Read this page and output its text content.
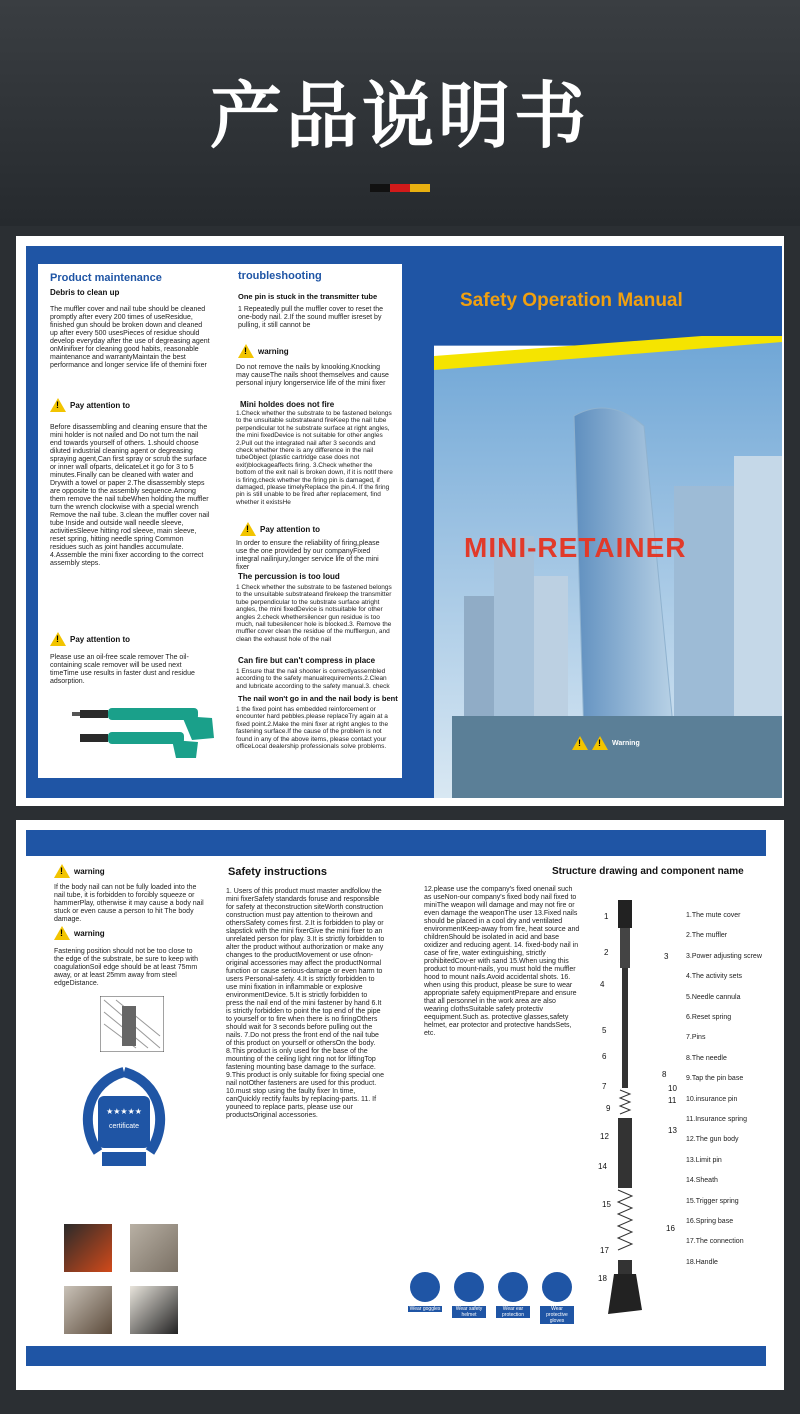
产品说明书
Product maintenance
Debris to clean up

The muffler cover and nail tube should be cleaned promptly after every 200 times of useResidue, finished gun should be broken down and cleaned up after every 500 usesPieces of residue should develop everyday after the use of degreasing agent onMinifixer for cleaning good habits, reasonable maintenance and warrantyMaintain the best performance and longer service life of themini fixer

!
Pay attention to

Before disassembling and cleaning ensure that the mini holder is not nailed and Do not turn the nail end towards yourself of others. 1.should choose diluted industrial cleaning agent or degreasing spraying agent,Can first spray or scrub the surface or inner wall ofparts, delicateLet it go for 3 to 5 minutes.Finally can be cleaned with water and Drywith a towel or paper 2.The disassembly steps are opposite to the assembly sequence.Among them remove the nail tubeWhen holding the muffler turn the wrench clockwise with a special wrench Remove the nail tube. 3.clean the muffler cover nail tube Inside and outside wall needle sleeve, activitiesSleeve hitting rod sleeve, main sleeve, reset spring, hitting needle spring Common residues such as joint handles accumulate. 4.Assemble the mini fixer according to the correct assembly steps.

!
Pay attention to

Please use an oil-free scale remover The oil-containing scale remover will be used next timeTime use results in faster dust and residue adsorption.

troubleshooting
One pin is stuck in the transmitter tube

1 Repeatedly pull the muffler cover to reset the one-body nail. 2.If the sound muffler isreset by pulling, it still cannot be

!
warning

Do not remove the nails by knooking.Knocking may causeThe nails shoot themselves and cause personal injury longerservice life of the mini fixer

Mini holdes does not fire

1.Check whether the substrate to be fastened belongs to the unsuitable substrateand fireKeep the nail tube perpendicular tot he substrate surface at right angles, the mini fixedDevice is not suitable for other angles 2.Pull out the integrated nail after 3 seconds and check whether there is any difference in the nail tubeObject (plastic cartridge case does not exit)blockageaffects firing. 3.Check whether the bottom of the exit nail is broken down, if it is notIf there is firing,check whether the firing pin is damaged, if damaged, please timelyReplace the pin.4. If the firing pin is still unable to be fired after replacement, find whether it existsHe

!
Pay attention to

In order to ensure the reliability of firing,please use the one provided by our companyFixed integral nailinjury,longer service life of the mini fixer

The percussion is too loud

1 Check whether the substrate to be fastened belongs to the unsuitable substrateand firekeep the transmitter tube perpendicular to the substrate surface atright angles, the mini fixedDevice is notsuitable for other angles 2.check whethersilencer gun residue is too much, nail tubesilencer hole is blocked.3. Remove the muffler cover clean the residue of the mufflergun, and clean the exhaust hole of the nail

Can fire but can't compress in place

1 Ensure that the nail shooter is correctlyassembled according to the safety manualrequirements.2.Clean and lubricate according to the safety manual.3. check

The nail won't go in and the nail body is bent

1 the fixed point has embedded reinforcement or encounter hard pebbles.please replaceTry again at a fixed point.2.Make the mini fixer at right angles to the fastening surface.If the cause of the problem is not found in any of the above items, please contact your officeLocal dealership professionals solve problems.

Safety Operation Manual
MINI-RETAINER
!
!
Warning
!
warning

If the body nail can not be fully loaded into the nail tube, it is forbidden to forcibly squeeze or hammerPlay, otherwise it may cause a body nail stuck or even cause a person to hit The body damage.

!
warning

Fastening position should not be too close to the edge of the substrate, be sure to keep with coagulationSoil edge should be at least 75mm away, or at least 25mm away from steel edgeDistance.

certificate
★★★★★
Safety instructions

1. Users of this product must master andfollow the mini fixerSafety standards foruse and responsible for safety at theconstruction siteWorth construction construction must pay attention to theirown and othersSafety comes first. 2.It is forbidden to play or slapstick with the mini fixerGive the mini fixer to an unrelated person for play. 3.It is strictly forbidden to alter the product without authorization or make any changes to the productMovement or use ofnon-original accessories may affect the productNormal function or cause serious-damage or even harm to users Personal-safety. 4.It is strictly forbidden to use mini fixation in inflammable or explosive environmentDevice. 5.It is strictly forbidden to press the nail end of the mini fastener by hand 6.It is strictly forbidden to point the top end of the pipe to yourself or to fire when there is no firingOthers should wait for 3 seconds before pulling out the nails. 7.Do not press the front end of the nail tube of this product on yourself or othersOn the body. 8.This product is only used for the base of the mounting of the ceiling light ring not for liftingTop fastening mounting base damage to the surface. 9.This product is only suitable for fixing special one nail notOther fasteners are used for this product. 10.must stop using the faulty fixer In time, canQuickly rectify faults by replacing-parts. 11. If youneed to replace parts, please use our productsOriginal accessories.

12.please use the company's fixed onenail such as useNon-our company's fixed body nail fixed to miniThe weapon will damage and may not fire or even damage the weaponThe user 13.Fixed nails should be placed in a cool dry and ventilated environmentKeep-away from fire, heat source and childrenShould be isolated in acid and base oxidizer and reducing agent. 14. fixed-body nail in case of fire, water extinguishing, strictly prohibitedCov-er with sand 15.When using this product to mount-nails, you must hold the muffler hood to mount nails.Avoid accidental shots. 16. when using this product, please be sure to wear appropriate safety equipmentPrepare and ensure that all personnel in the work area are also wearing clothsSuitable safety protectiv eequipment.Such as. protective glasses,safety helmet, ear protector and protective handsSets, etc.

Wear goggles	Wear safety helmet
Wear ear protection
Wear protective gloves
Structure drawing and component name
1
2	3
4
5
6
7
8
9
10
11
12
13
14
15
16
17
18
1.The mute cover
2.The muffler
3.Power adjusting screw
4.The activity sets
5.Needle cannula
6.Reset spring
7.Pins
8.The needle
9.Tap the pin base
10.insurance pin
11.Insurance spring
12.The gun body
13.Limit pin
14.Sheath
15.Trigger spring
16.Spring base
17.The connection
18.Handle
